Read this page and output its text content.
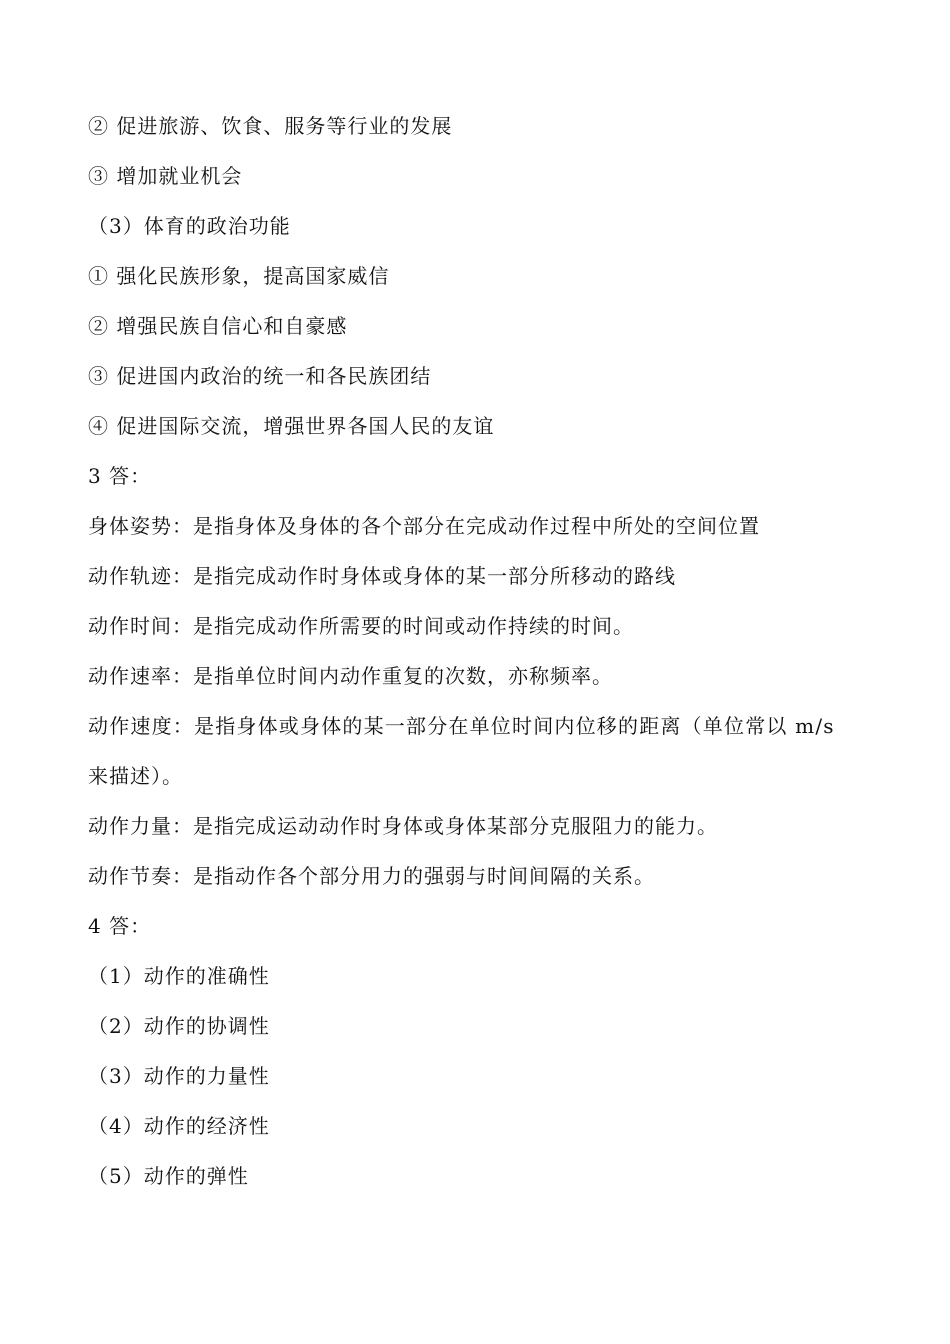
② 促进旅游、饮食、服务等行业的发展
③ 增加就业机会
（3）体育的政治功能
① 强化民族形象，提高国家威信
② 增强民族自信心和自豪感
③ 促进国内政治的统一和各民族团结
④ 促进国际交流，增强世界各国人民的友谊
3 答：
身体姿势：是指身体及身体的各个部分在完成动作过程中所处的空间位置
动作轨迹：是指完成动作时身体或身体的某一部分所移动的路线
动作时间：是指完成动作所需要的时间或动作持续的时间。
动作速率：是指单位时间内动作重复的次数，亦称频率。
动作速度：是指身体或身体的某一部分在单位时间内位移的距离（单位常以 m/s
来描述）。
动作力量：是指完成运动动作时身体或身体某部分克服阻力的能力。
动作节奏：是指动作各个部分用力的强弱与时间间隔的关系。
4 答：
（1）动作的准确性
（2）动作的协调性
（3）动作的力量性
（4）动作的经济性
（5）动作的弹性
